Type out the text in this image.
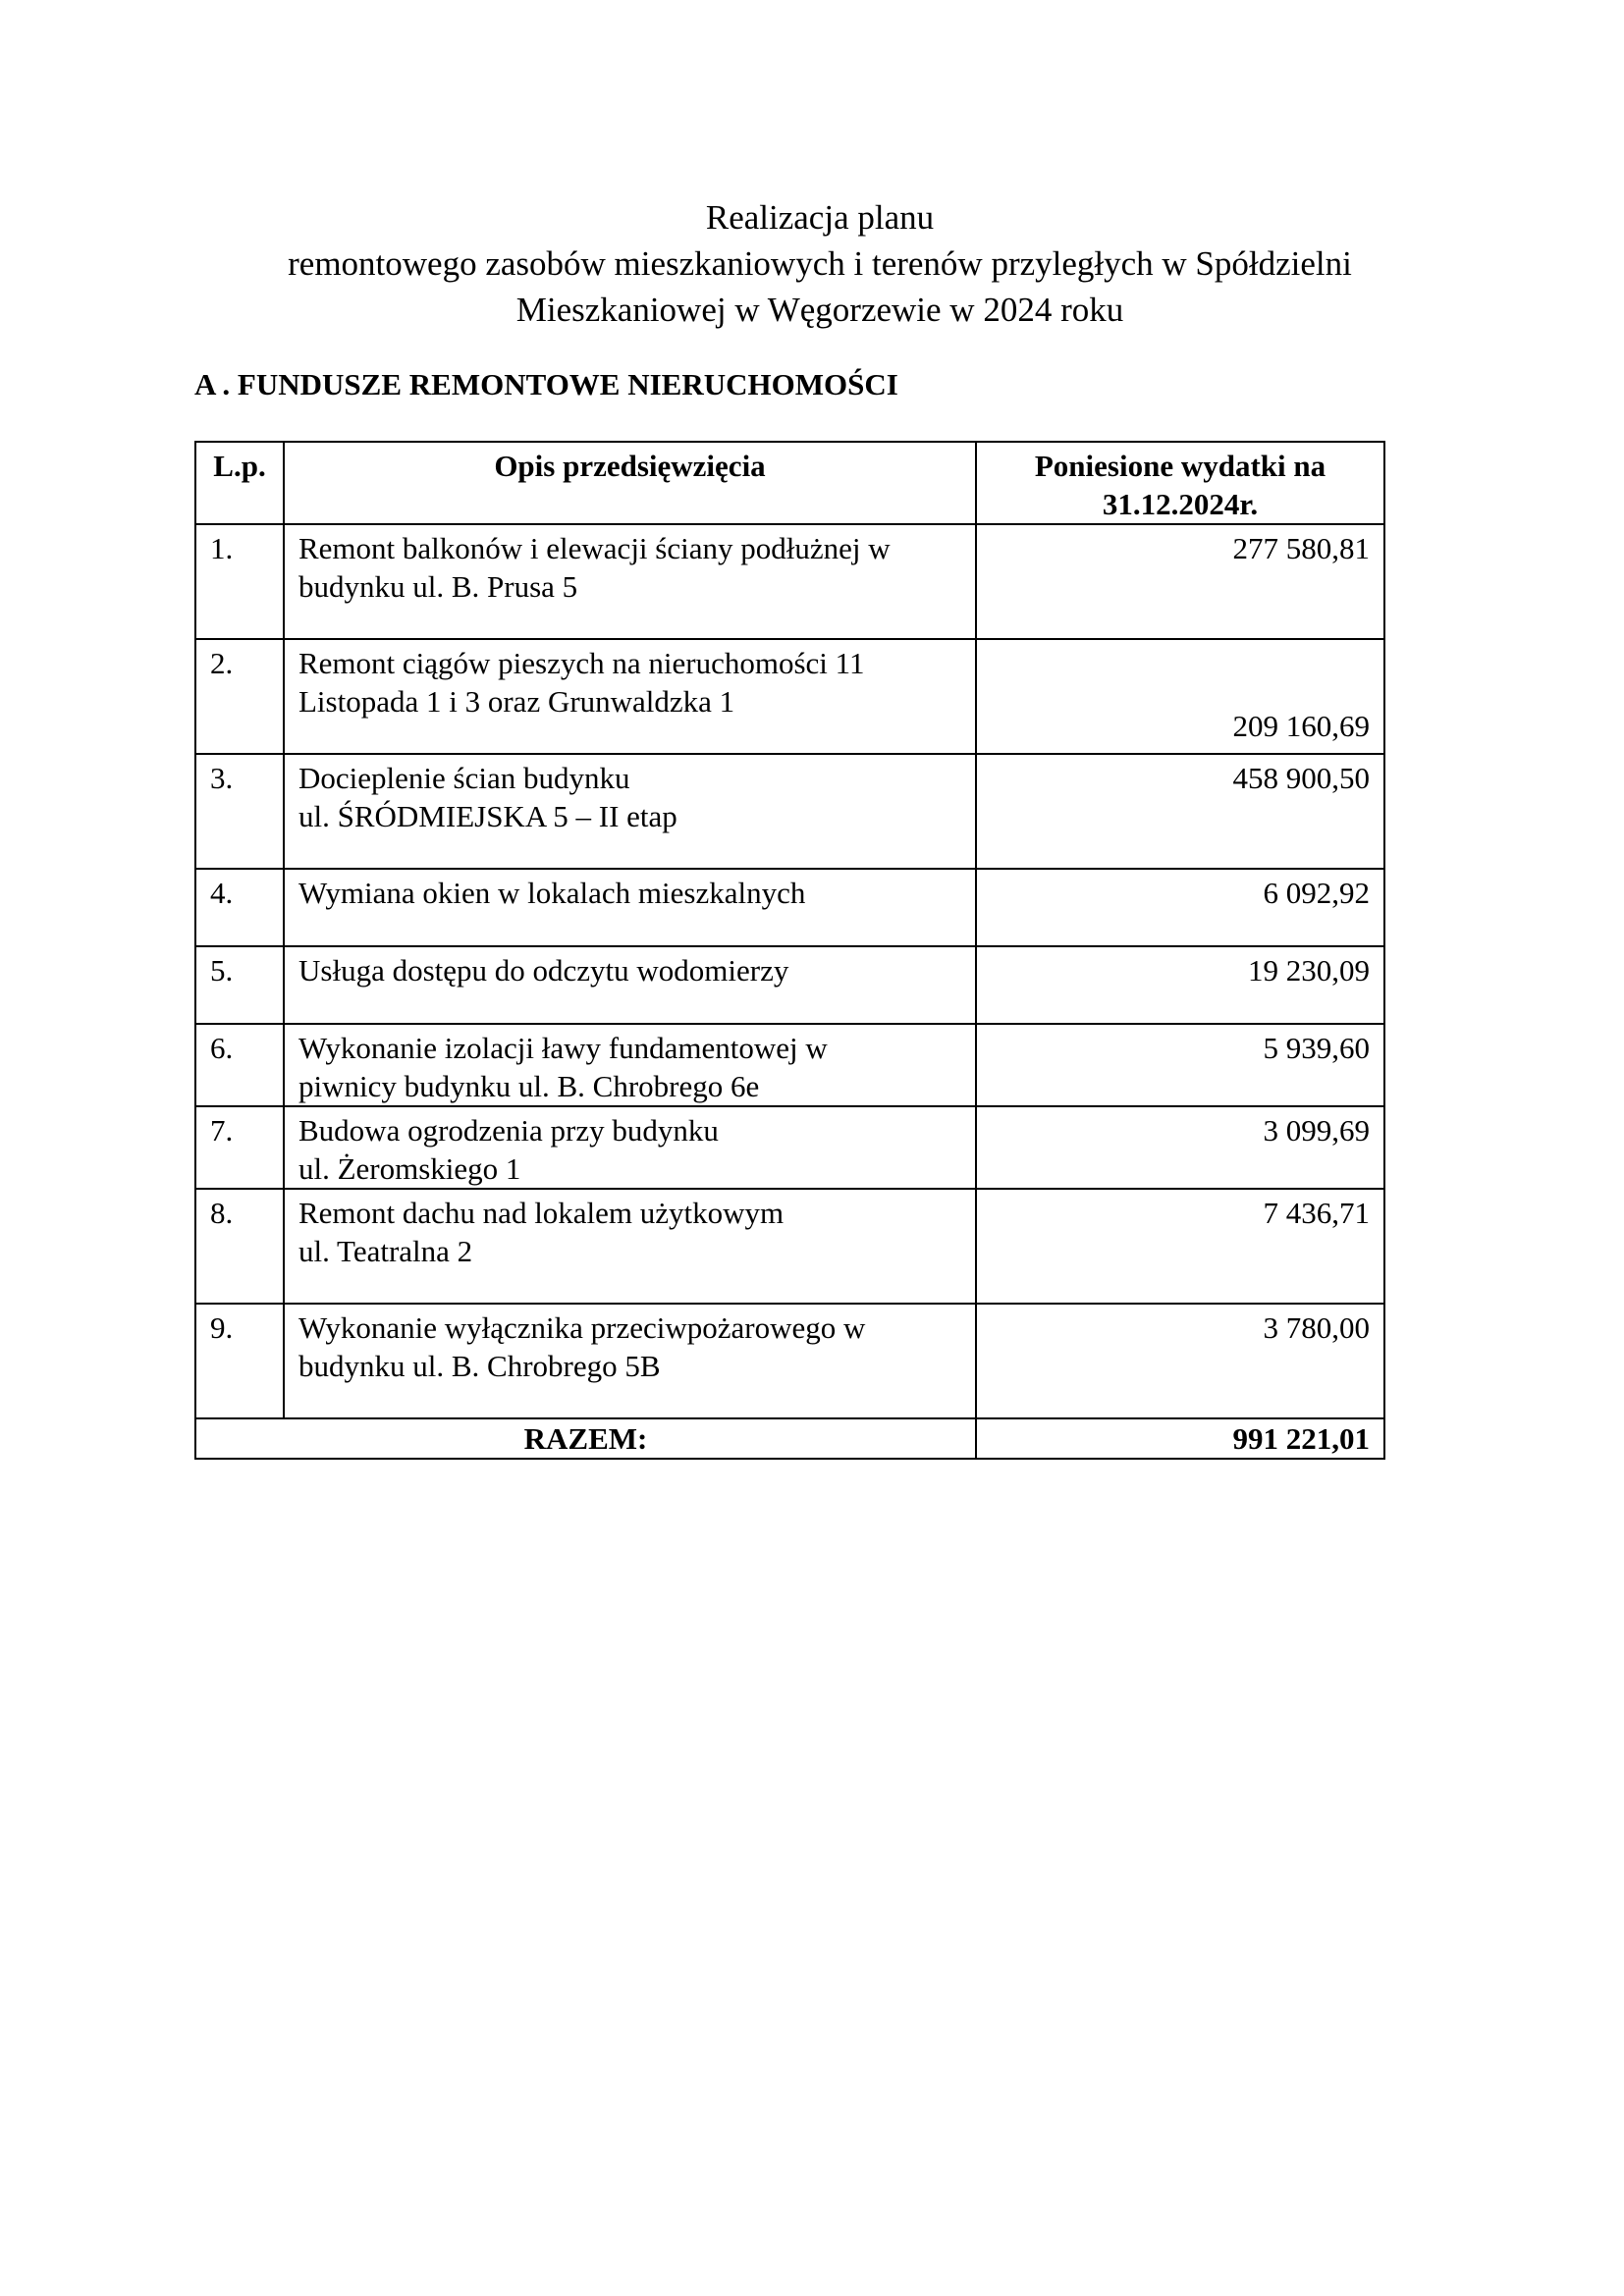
Realizacja planu
remontowego zasobów mieszkaniowych i terenów przyległych w Spółdzielni
Mieszkaniowej w Węgorzewie w 2024 roku
A . FUNDUSZE REMONTOWE NIERUCHOMOŚCI
L.p.	Opis przedsięwzięcia	Poniesione wydatki na
31.12.2024r.

1.	Remont balkonów i elewacji ściany podłużnej w
budynku ul. B. Prusa 5	277 580,81
2.	Remont ciągów pieszych na nieruchomości 11
Listopada 1 i 3 oraz Grunwaldzka 1	209 160,69
3.	Docieplenie ścian budynku
ul. ŚRÓDMIEJSKA 5 – II etap	458 900,50
4.	Wymiana okien w lokalach mieszkalnych	6 092,92
5.	Usługa dostępu do odczytu wodomierzy	19 230,09
6.	Wykonanie izolacji ławy fundamentowej w
piwnicy budynku ul. B. Chrobrego 6e	5 939,60
7.	Budowa ogrodzenia przy budynku
ul. Żeromskiego 1	3 099,69
8.	Remont dachu nad lokalem użytkowym
ul. Teatralna 2	7 436,71
9.	Wykonanie wyłącznika przeciwpożarowego w
budynku ul. B. Chrobrego 5B	3 780,00
RAZEM:		991 221,01
